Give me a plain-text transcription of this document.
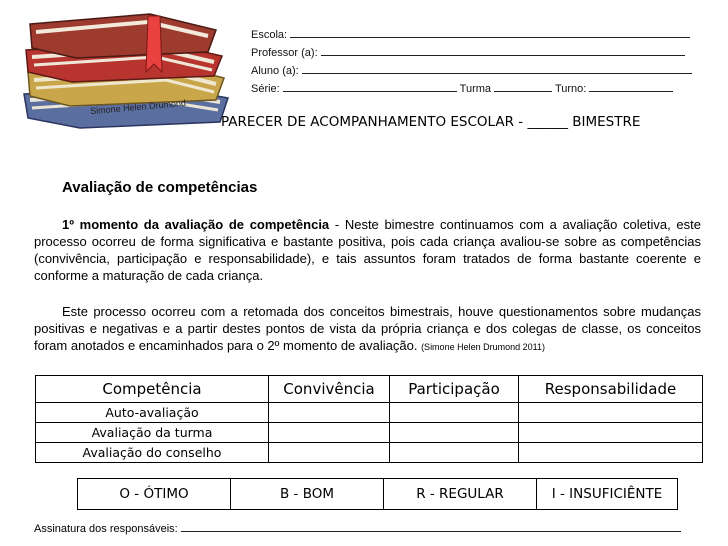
Simone Helen Drumond
Escola:
Professor (a):
Aluno (a):
Série:	Turma	Turno:
PARECER DE ACOMPANHAMENTO ESCOLAR - ______ BIMESTRE
Avaliação de competências
1º momento da avaliação de competência - Neste bimestre continuamos com a avaliação coletiva, este processo ocorreu de forma significativa e bastante positiva, pois cada criança avaliou-se sobre as competências (convivência, participação e responsabilidade), e tais assuntos foram tratados de forma bastante coerente e conforme a maturação de cada criança.
Este processo ocorreu com a retomada dos conceitos bimestrais, houve questionamentos sobre mudanças positivas e negativas e a partir destes pontos de vista da própria criança e dos colegas de classe, os conceitos foram anotados e encaminhados para o 2º momento de avaliação. (Simone Helen Drumond 2011)
Competência	Convivência	Participação	Responsabilidade
Auto-avaliação			
Avaliação da turma			
Avaliação do conselho			
O - ÓTIMO	B - BOM	R - REGULAR	I - INSUFICIÊNTE
Assinatura dos responsáveis:
